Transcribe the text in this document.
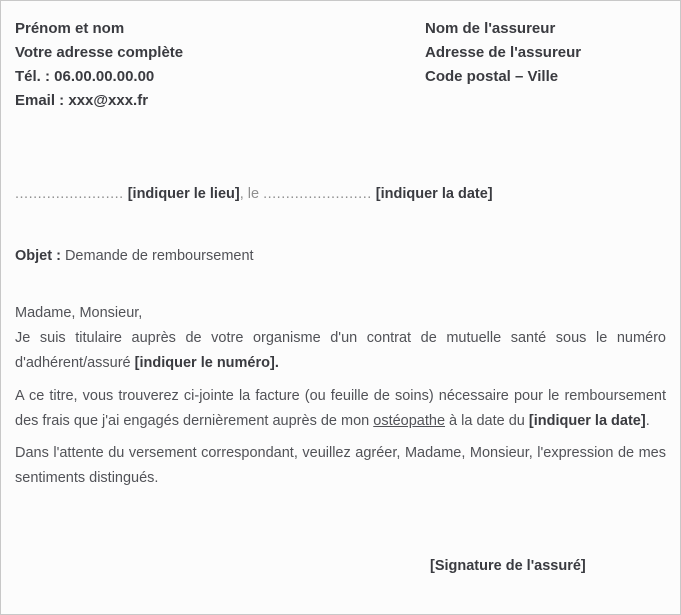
Prénom et nom
Votre adresse complète
Tél. : 06.00.00.00.00
Email : xxx@xxx.fr
Nom de l'assureur
Adresse de l'assureur
Code postal – Ville
........................ [indiquer le lieu], le ........................ [indiquer la date]
Objet : Demande de remboursement
Madame, Monsieur,
Je suis titulaire auprès de votre organisme d'un contrat de mutuelle santé sous le numéro d'adhérent/assuré [indiquer le numéro].
A ce titre, vous trouverez ci-jointe la facture (ou feuille de soins) nécessaire pour le remboursement des frais que j'ai engagés dernièrement auprès de mon ostéopathe à la date du [indiquer la date].
Dans l'attente du versement correspondant, veuillez agréer, Madame, Monsieur, l'expression de mes sentiments distingués.
[Signature de l'assuré]
